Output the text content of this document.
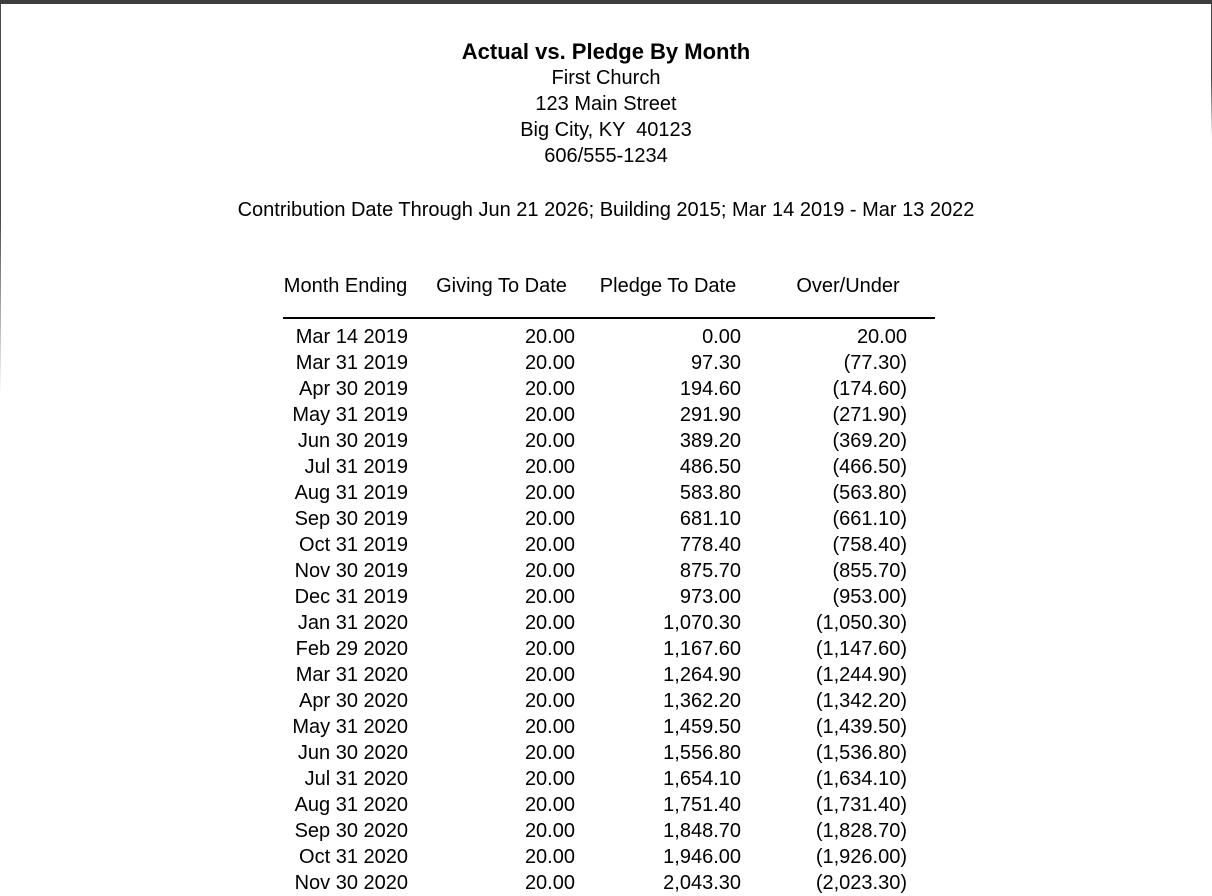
Actual vs. Pledge By Month
First Church
123 Main Street
Big City, KY  40123
606/555-1234
Contribution Date Through Jun 21 2026; Building 2015; Mar 14 2019 - Mar 13 2022
Month Ending	Giving To Date	Pledge To Date	Over/Under
Mar 14 2019	20.00	0.00	20.00
Mar 31 2019	20.00	97.30	(77.30)
Apr 30 2019	20.00	194.60	(174.60)
May 31 2019	20.00	291.90	(271.90)
Jun 30 2019	20.00	389.20	(369.20)
Jul 31 2019	20.00	486.50	(466.50)
Aug 31 2019	20.00	583.80	(563.80)
Sep 30 2019	20.00	681.10	(661.10)
Oct 31 2019	20.00	778.40	(758.40)
Nov 30 2019	20.00	875.70	(855.70)
Dec 31 2019	20.00	973.00	(953.00)
Jan 31 2020	20.00	1,070.30	(1,050.30)
Feb 29 2020	20.00	1,167.60	(1,147.60)
Mar 31 2020	20.00	1,264.90	(1,244.90)
Apr 30 2020	20.00	1,362.20	(1,342.20)
May 31 2020	20.00	1,459.50	(1,439.50)
Jun 30 2020	20.00	1,556.80	(1,536.80)
Jul 31 2020	20.00	1,654.10	(1,634.10)
Aug 31 2020	20.00	1,751.40	(1,731.40)
Sep 30 2020	20.00	1,848.70	(1,828.70)
Oct 31 2020	20.00	1,946.00	(1,926.00)
Nov 30 2020	20.00	2,043.30	(2,023.30)
